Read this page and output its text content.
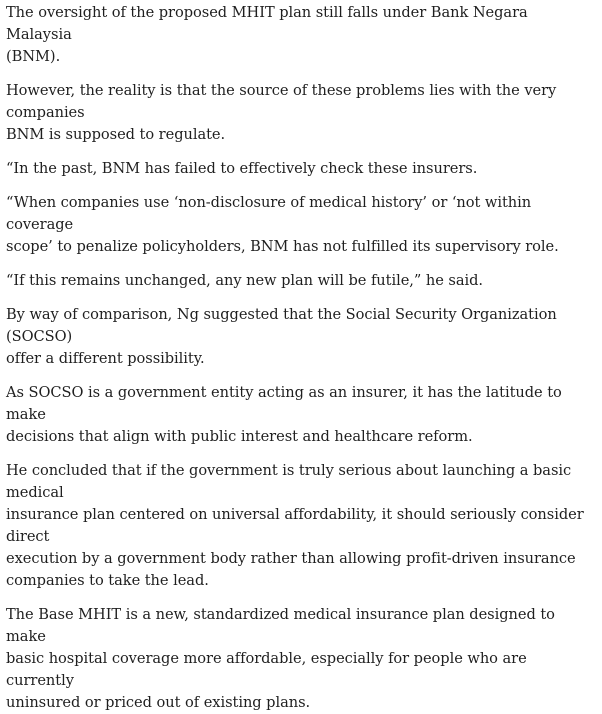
The oversight of the proposed MHIT plan still falls under Bank Negara Malaysia
(BNM).

However, the reality is that the source of these problems lies with the very companies
BNM is supposed to regulate.

“In the past, BNM has failed to effectively check these insurers.

“When companies use ‘non-disclosure of medical history’ or ‘not within coverage
scope’ to penalize policyholders, BNM has not fulfilled its supervisory role.

“If this remains unchanged, any new plan will be futile,” he said.

By way of comparison, Ng suggested that the Social Security Organization (SOCSO)
offer a different possibility.

As SOCSO is a government entity acting as an insurer, it has the latitude to make
decisions that align with public interest and healthcare reform.

He concluded that if the government is truly serious about launching a basic medical
insurance plan centered on universal affordability, it should seriously consider direct
execution by a government body rather than allowing profit-driven insurance
companies to take the lead.

The Base MHIT is a new, standardized medical insurance plan designed to make
basic hospital coverage more affordable, especially for people who are currently
uninsured or priced out of existing plans.
